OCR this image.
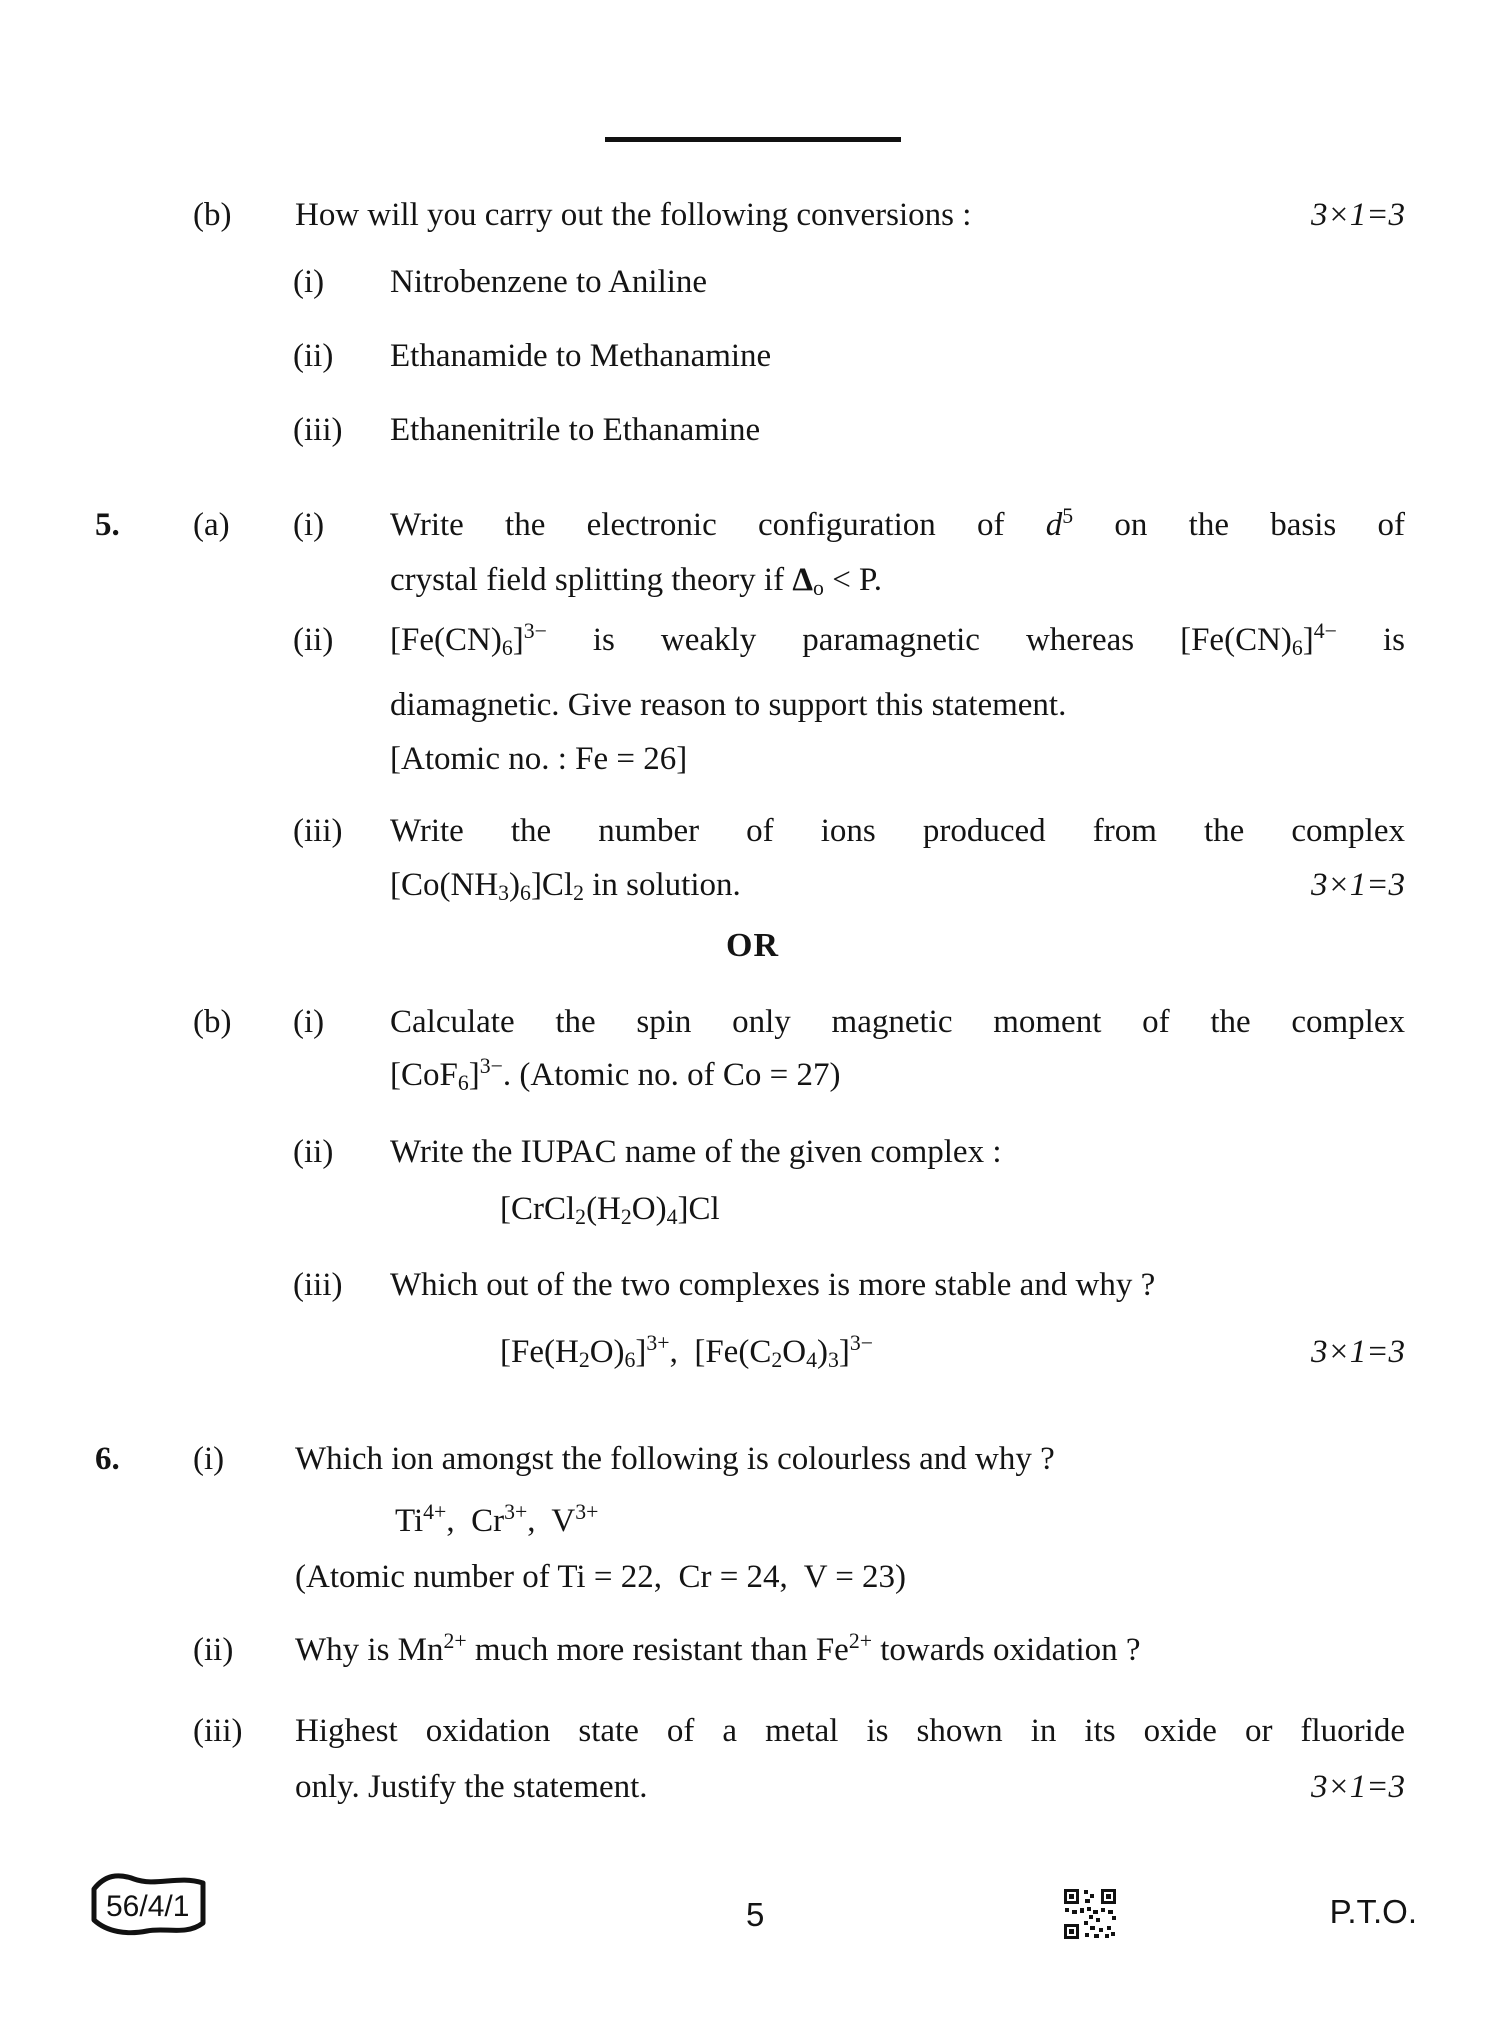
(b) How will you carry out the following conversions :	3×1=3
(i) Nitrobenzene to Aniline
(ii) Ethanamide to Methanamine
(iii) Ethanenitrile to Ethanamine
5. (a) (i) Write the electronic configuration of $d^5$ on the basis of
crystal field splitting theory if $\Delta_o < P$.
(ii) $[Fe(CN)_6]^{3-}$ is weakly paramagnetic whereas $[Fe(CN)_6]^{4-}$ is
diamagnetic. Give reason to support this statement.
[Atomic no. : Fe = 26]
(iii) Write the number of ions produced from the complex
$[Co(NH_3)_6]Cl_2$ in solution.	3×1=3
OR
(b) (i) Calculate the spin only magnetic moment of the complex
$[CoF_6]^{3-}$. (Atomic no. of Co = 27)
(ii) Write the IUPAC name of the given complex :
$[CrCl_2(H_2O)_4]Cl$
(iii) Which out of the two complexes is more stable and why ?
$[Fe(H_2O)_6]^{3+}$,  $[Fe(C_2O_4)_3]^{3-}$	3×1=3
6. (i) Which ion amongst the following is colourless and why ?
$Ti^{4+}$,  $Cr^{3+}$,  $V^{3+}$
(Atomic number of Ti = 22,  Cr = 24,  V = 23)
(ii) Why is $Mn^{2+}$ much more resistant than $Fe^{2+}$ towards oxidation ?
(iii) Highest oxidation state of a metal is shown in its oxide or fluoride
only. Justify the statement.	3×1=3
56/4/1	5	P.T.O.
